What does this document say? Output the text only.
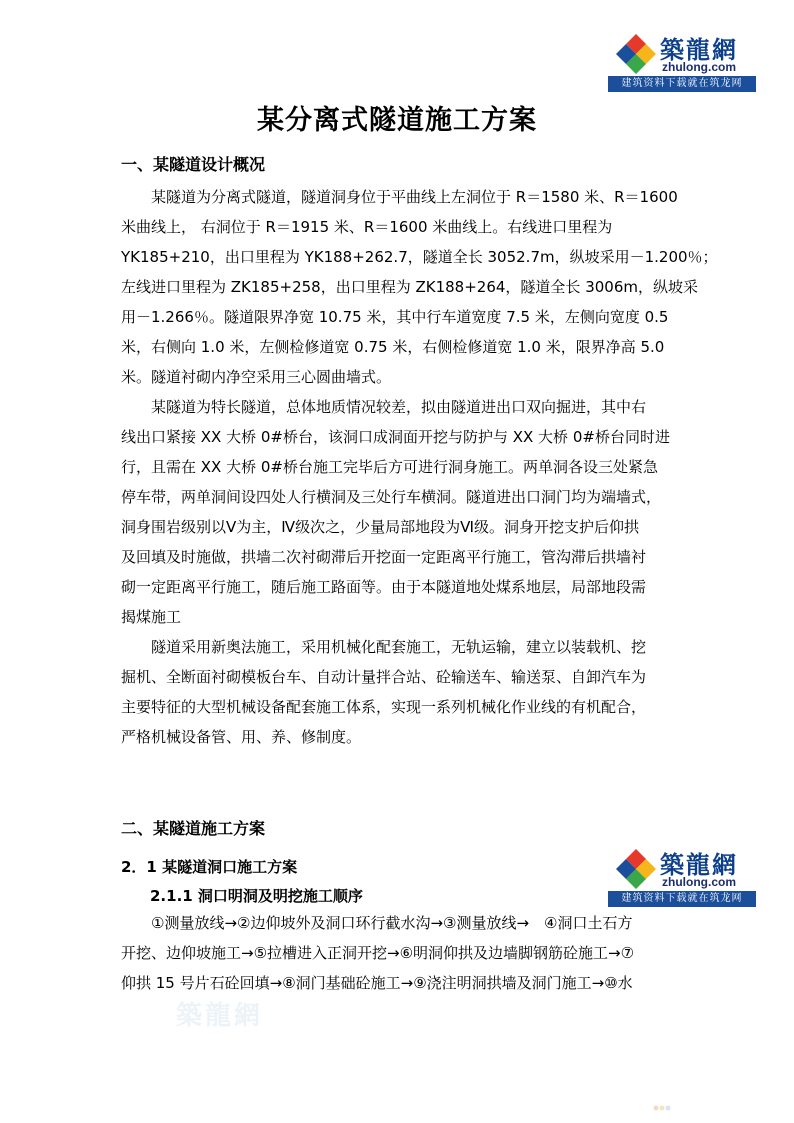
築龍網
zhulong.com
建筑资料下载就在筑龙网
某分离式隧道施工方案
一、某隧道设计概况
某隧道为分离式隧道，隧道洞身位于平曲线上左洞位于 R＝1580 米、R＝1600
米曲线上， 右洞位于 R＝1915 米、R＝1600 米曲线上。右线进口里程为
YK185+210，出口里程为 YK188+262.7，隧道全长 3052.7m，纵坡采用－1.200％；
左线进口里程为 ZK185+258，出口里程为 ZK188+264，隧道全长 3006m，纵坡采
用－1.266％。隧道限界净宽 10.75 米，其中行车道宽度 7.5 米，左侧向宽度 0.5
米，右侧向 1.0 米，左侧检修道宽 0.75 米，右侧检修道宽 1.0 米，限界净高 5.0
米。隧道衬砌内净空采用三心圆曲墙式。
某隧道为特长隧道，总体地质情况较差，拟由隧道进出口双向掘进，其中右
线出口紧接 XX 大桥 0#桥台，该洞口成洞面开挖与防护与 XX 大桥 0#桥台同时进
行，且需在 XX 大桥 0#桥台施工完毕后方可进行洞身施工。两单洞各设三处紧急
停车带，两单洞间设四处人行横洞及三处行车横洞。隧道进出口洞门均为端墙式，
洞身围岩级别以Ⅴ为主，Ⅳ级次之，少量局部地段为Ⅵ级。洞身开挖支护后仰拱
及回填及时施做，拱墙二次衬砌滞后开挖面一定距离平行施工，管沟滞后拱墙衬
砌一定距离平行施工，随后施工路面等。由于本隧道地处煤系地层，局部地段需
揭煤施工
隧道采用新奥法施工，采用机械化配套施工，无轨运输，建立以装载机、挖
掘机、全断面衬砌模板台车、自动计量拌合站、砼输送车、输送泵、自卸汽车为
主要特征的大型机械设备配套施工体系，实现一系列机械化作业线的有机配合，
严格机械设备管、用、养、修制度。
二、某隧道施工方案
2．1 某隧道洞口施工方案
2.1.1 洞口明洞及明挖施工顺序
①测量放线→②边仰坡外及洞口环行截水沟→③测量放线→　④洞口土石方
开挖、边仰坡施工→⑤拉槽进入正洞开挖→⑥明洞仰拱及边墙脚钢筋砼施工→⑦
仰拱 15 号片石砼回填→⑧洞门基础砼施工→⑨浇注明洞拱墙及洞门施工→⑩水
築龍網
zhulong.com
建筑资料下载就在筑龙网
築龍網
